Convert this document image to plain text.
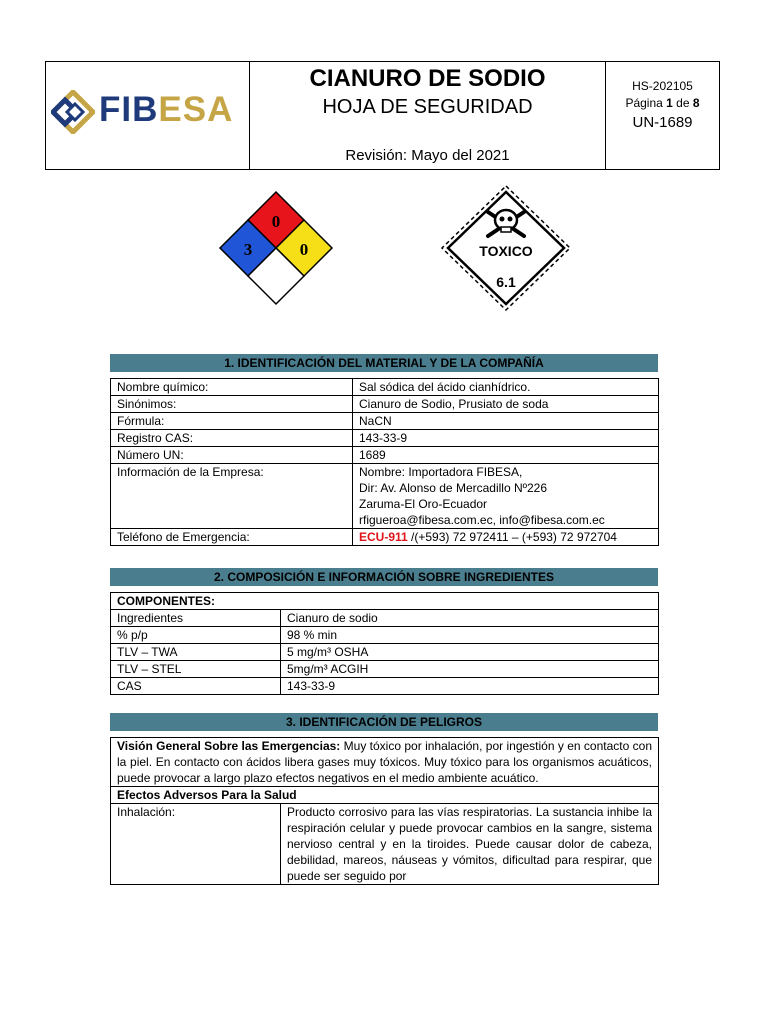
FIBESA
CIANURO DE SODIO
HOJA DE SEGURIDAD
Revisión: Mayo del 2021
HS-202105
Página 1 de 8
UN-1689
0
3	0	TOXICO
6.1
1. IDENTIFICACIÓN DEL MATERIAL Y DE LA COMPAÑÍA
Nombre químico:	Sal sódica del ácido cianhídrico.
Sinónimos:	Cianuro de Sodio, Prusiato de soda
Fórmula:	NaCN
Registro CAS:	143-33-9
Número UN:	1689
Información de la Empresa:	Nombre: Importadora FIBESA,
Dir: Av. Alonso de Mercadillo Nº226
Zaruma-El Oro-Ecuador
rfigueroa@fibesa.com.ec, info@fibesa.com.ec

Teléfono de Emergencia:	ECU-911 /(+593) 72 972411 – (+593) 72 972704
2. COMPOSICIÓN E INFORMACIÓN SOBRE INGREDIENTES
COMPONENTES:	
Ingredientes	Cianuro de sodio
% p/p	98 % min
TLV – TWA	5 mg/m³ OSHA
TLV – STEL	5mg/m³ ACGIH
CAS	143-33-9
3. IDENTIFICACIÓN DE PELIGROS
Visión General Sobre las Emergencias: Muy tóxico por inhalación, por ingestión y en contacto con la piel. En contacto con ácidos libera gases muy tóxicos. Muy tóxico para los organismos acuáticos, puede provocar a largo plazo efectos negativos en el medio ambiente acuático.
Efectos Adversos Para la Salud
Inhalación:	Producto corrosivo para las vías respiratorias. La sustancia inhibe la respiración celular y puede provocar cambios en la sangre, sistema nervioso central y en la tiroides. Puede causar dolor de cabeza, debilidad, mareos, náuseas y vómitos, dificultad para respirar, que puede ser seguido por
